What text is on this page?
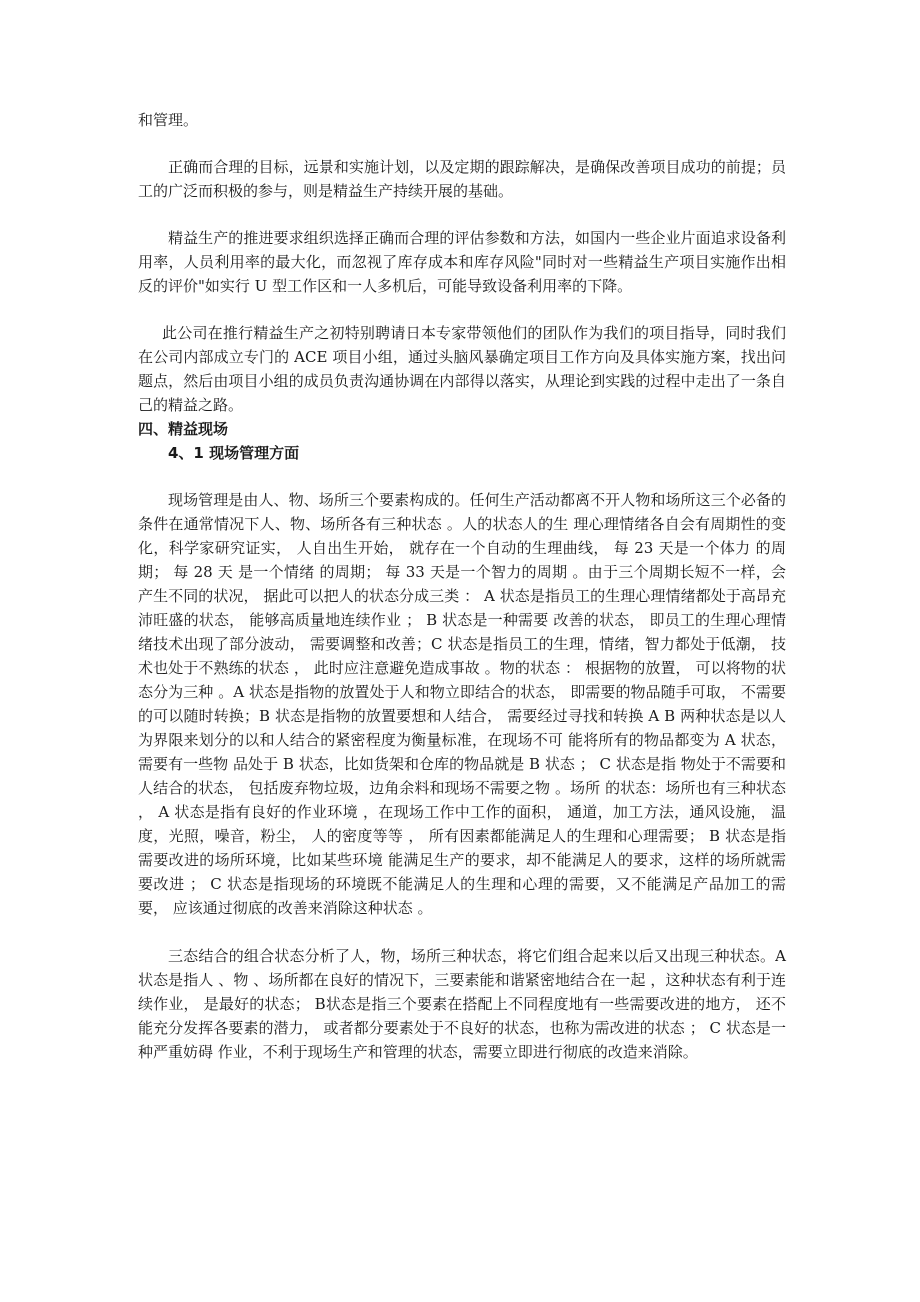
和管理。

正确而合理的目标，远景和实施计划，以及定期的跟踪解决，是确保改善项目成功的前提；员工的广泛而积极的参与，则是精益生产持续开展的基础。

精益生产的推进要求组织选择正确而合理的评估参数和方法，如国内一些企业片面追求设备利用率，人员利用率的最大化，而忽视了库存成本和库存风险"同时对一些精益生产项目实施作出相反的评价"如实行 U 型工作区和一人多机后，可能导致设备利用率的下降。

此公司在推行精益生产之初特别聘请日本专家带领他们的团队作为我们的项目指导，同时我们在公司内部成立专门的 ACE 项目小组，通过头脑风暴确定项目工作方向及具体实施方案，找出问题点，然后由项目小组的成员负责沟通协调在内部得以落实，从理论到实践的过程中走出了一条自己的精益之路。

四、精益现场

4、1 现场管理方面

现场管理是由人、物、场所三个要素构成的。任何生产活动都离不开人物和场所这三个必备的条件在通常情况下人、物、场所各有三种状态 。人的状态人的生 理心理情绪各自会有周期性的变化，科学家研究证实， 人自出生开始， 就存在一个自动的生理曲线， 每 23 天是一个体力 的周期； 每 28 天 是一个情绪 的周期； 每 33 天是一个智力的周期 。由于三个周期长短不一样，会产生不同的状况， 据此可以把人的状态分成三类 ： A 状态是指员工的生理心理情绪都处于高昂充沛旺盛的状态， 能够高质量地连续作业 ； B 状态是一种需要 改善的状态， 即员工的生理心理情绪技术出现了部分波动， 需要调整和改善；C 状态是指员工的生理，情绪，智力都处于低潮， 技术也处于不熟练的状态 ， 此时应注意避免造成事故 。物的状态 ： 根据物的放置， 可以将物的状态分为三种 。A 状态是指物的放置处于人和物立即结合的状态， 即需要的物品随手可取， 不需要的可以随时转换；B 状态是指物的放置要想和人结合， 需要经过寻找和转换 A B 两种状态是以人为界限来划分的以和人结合的紧密程度为衡量标准，在现场不可 能将所有的物品都变为 A 状态，需要有一些物 品处于 B 状态，比如货架和仓库的物品就是 B 状态 ； C 状态是指 物处于不需要和人结合的状态， 包括废弃物垃圾，边角余料和现场不需要之物 。场所 的状态：场所也有三种状态 ， A 状态是指有良好的作业环境 ，在现场工作中工作的面积， 通道，加工方法，通风设施， 温度，光照，噪音，粉尘， 人的密度等等 ， 所有因素都能满足人的生理和心理需要； B 状态是指需要改进的场所环境，比如某些环境 能满足生产的要求，却不能满足人的要求，这样的场所就需要改进 ； C 状态是指现场的环境既不能满足人的生理和心理的需要，又不能满足产品加工的需要， 应该通过彻底的改善来消除这种状态 。

三态结合的组合状态分析了人，物，场所三种状态，将它们组合起来以后又出现三种状态。A 状态是指人 、物 、场所都在良好的情况下，三要素能和谐紧密地结合在一起 ，这种状态有利于连续作业， 是最好的状态； B状态是指三个要素在搭配上不同程度地有一些需要改进的地方， 还不能充分发挥各要素的潜力， 或者都分要素处于不良好的状态，也称为需改进的状态 ； C 状态是一种严重妨碍 作业，不利于现场生产和管理的状态，需要立即进行彻底的改造来消除。
